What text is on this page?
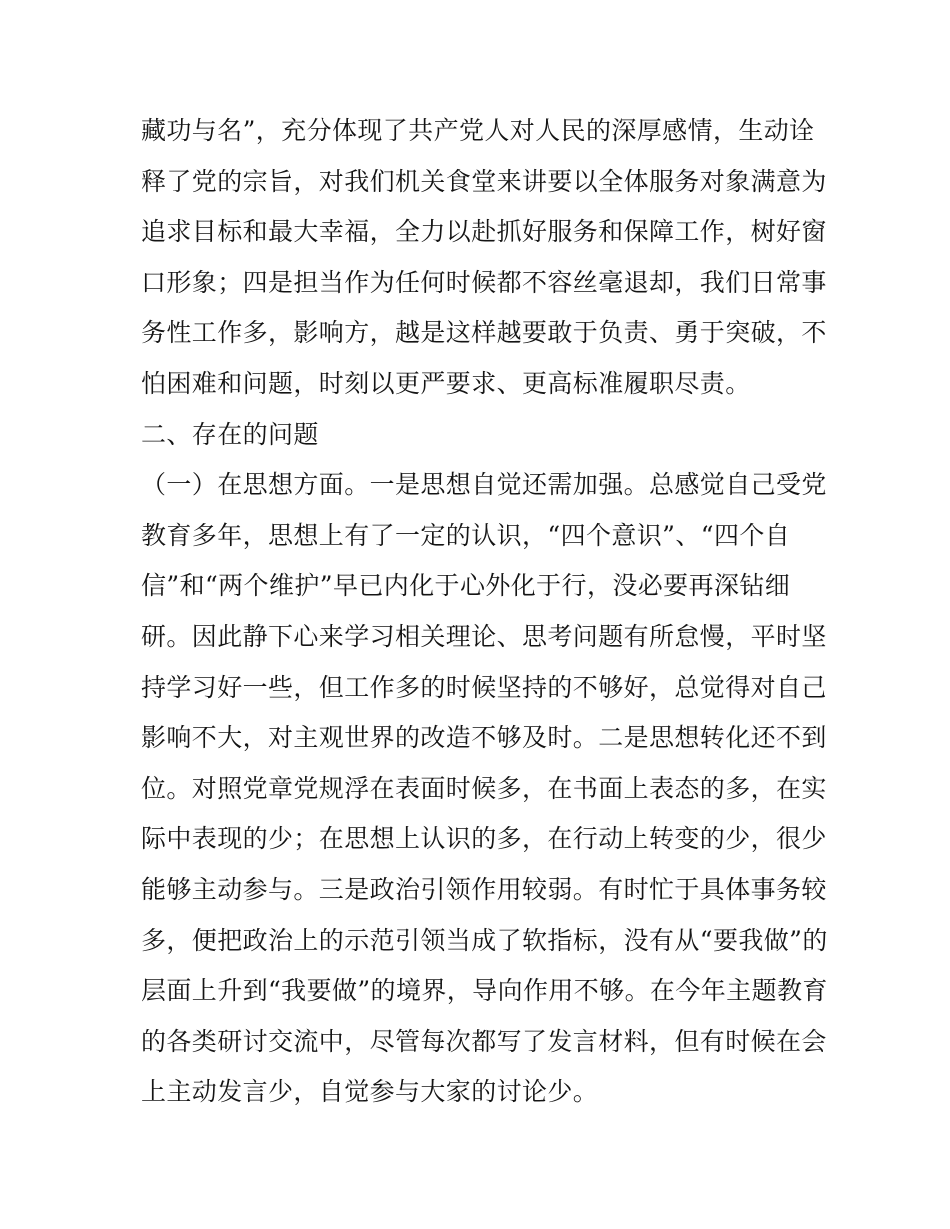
藏功与名”，充分体现了共产党人对人民的深厚感情，生动诠
释了党的宗旨，对我们机关食堂来讲要以全体服务对象满意为
追求目标和最大幸福，全力以赴抓好服务和保障工作，树好窗
口形象；四是担当作为任何时候都不容丝毫退却，我们日常事
务性工作多，影响方，越是这样越要敢于负责、勇于突破，不
怕困难和问题，时刻以更严要求、更高标准履职尽责。
二、存在的问题
（一）在思想方面。一是思想自觉还需加强。总感觉自己受党
教育多年，思想上有了一定的认识，“四个意识”、“四个自
信”和“两个维护”早已内化于心外化于行，没必要再深钻细
研。因此静下心来学习相关理论、思考问题有所怠慢，平时坚
持学习好一些，但工作多的时候坚持的不够好，总觉得对自己
影响不大，对主观世界的改造不够及时。二是思想转化还不到
位。对照党章党规浮在表面时候多，在书面上表态的多，在实
际中表现的少；在思想上认识的多，在行动上转变的少，很少
能够主动参与。三是政治引领作用较弱。有时忙于具体事务较
多，便把政治上的示范引领当成了软指标，没有从“要我做”的
层面上升到“我要做”的境界，导向作用不够。在今年主题教育
的各类研讨交流中，尽管每次都写了发言材料，但有时候在会
上主动发言少，自觉参与大家的讨论少。
